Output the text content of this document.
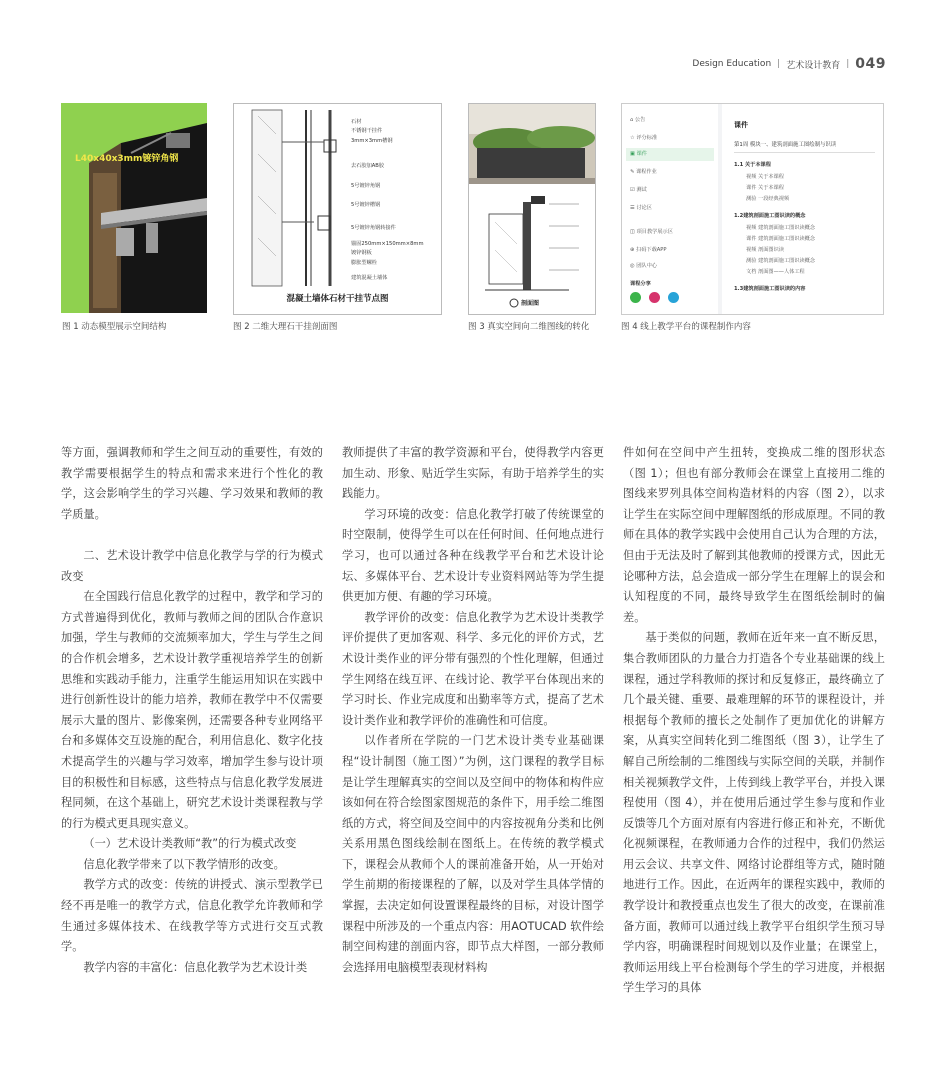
Design Education | 艺术设计教育 | 049
L40x40x3mm镀锌角钢
图 1 动态模型展示空间结构
石材
不锈钢干挂件
3mm×3mm槽钢
去石胶加AB胶
5号镀锌角钢
5号镀锌槽钢
5号镀锌角钢转接件
锚固250mm×150mm×8mm
镀锌钢板
膨胀型螺栓
建筑混凝土墙体
混凝土墙体石材干挂节点图
图 2 二维大理石干挂剖面图
剖面图
图 3 真实空间向二维图线的转化
⌂ 公告
☆ 评分标准
▣ 课件
✎ 课程作业
☑ 测试
☰ 讨论区
◫ 项目教学展示区
⊕ 扫码下载APP
◎ 团队中心
课程分享
课件
第1周 模块一、建筑剖面施工图绘制与识读
1.1 关于本课程
视频 关于本课程
课件 关于本课程
测验 一段经典视频
1.2建筑剖面施工图识读的概念
视频 建筑剖面施工图识读概念
课件 建筑剖面施工图识读概念
视频 剖面图识读
测验 建筑剖面施工图识读概念
文档 剖面图——人体工程
1.3建筑剖面施工图识读的内容
图 4 线上教学平台的课程制作内容

等方面，强调教师和学生之间互动的重要性，有效的教学需要根据学生的特点和需求来进行个性化的教学，这会影响学生的学习兴趣、学习效果和教师的教学质量。

二、艺术设计教学中信息化教学与学的行为模式改变

在全国践行信息化教学的过程中，教学和学习的方式普遍得到优化，教师与教师之间的团队合作意识加强，学生与教师的交流频率加大，学生与学生之间的合作机会增多，艺术设计教学重视培养学生的创新思维和实践动手能力，注重学生能运用知识在实践中进行创新性设计的能力培养，教师在教学中不仅需要展示大量的图片、影像案例，还需要各种专业网络平台和多媒体交互设施的配合，利用信息化、数字化技术提高学生的兴趣与学习效率，增加学生参与设计项目的积极性和目标感，这些特点与信息化教学发展进程同频，在这个基础上，研究艺术设计类课程教与学的行为模式更具现实意义。

（一）艺术设计类教师“教”的行为模式改变

信息化教学带来了以下教学情形的改变。

教学方式的改变：传统的讲授式、演示型教学已经不再是唯一的教学方式，信息化教学允许教师和学生通过多媒体技术、在线教学等方式进行交互式教学。

教学内容的丰富化：信息化教学为艺术设计类

教师提供了丰富的教学资源和平台，使得教学内容更加生动、形象、贴近学生实际，有助于培养学生的实践能力。

学习环境的改变：信息化教学打破了传统课堂的时空限制，使得学生可以在任何时间、任何地点进行学习，也可以通过各种在线教学平台和艺术设计论坛、多媒体平台、艺术设计专业资料网站等为学生提供更加方便、有趣的学习环境。

教学评价的改变：信息化教学为艺术设计类教学评价提供了更加客观、科学、多元化的评价方式，艺术设计类作业的评分带有强烈的个性化理解，但通过学生网络在线互评、在线讨论、教学平台体现出来的学习时长、作业完成度和出勤率等方式，提高了艺术设计类作业和教学评价的准确性和可信度。

以作者所在学院的一门艺术设计类专业基础课程“设计制图（施工图）”为例，这门课程的教学目标是让学生理解真实的空间以及空间中的物体和构件应该如何在符合绘图家图规范的条件下，用手绘二维图纸的方式，将空间及空间中的内容按视角分类和比例关系用黑色图线绘制在图纸上。在传统的教学模式下，课程会从教师个人的课前准备开始，从一开始对学生前期的衔接课程的了解，以及对学生具体学情的掌握，去决定如何设置课程最终的目标，对设计图学课程中所涉及的一个重点内容：用AOTUCAD 软件绘制空间构建的剖面内容，即节点大样图，一部分教师会选择用电脑模型表现材料构

件如何在空间中产生扭转，变换成二维的图形状态（图 1）；但也有部分教师会在课堂上直接用二维的图线来罗列具体空间构造材料的内容（图 2），以求让学生在实际空间中理解图纸的形成原理。不同的教师在具体的教学实践中会使用自己认为合理的方法，但由于无法及时了解到其他教师的授课方式，因此无论哪种方法，总会造成一部分学生在理解上的误会和认知程度的不同，最终导致学生在图纸绘制时的偏差。

基于类似的问题，教师在近年来一直不断反思，集合教师团队的力量合力打造各个专业基础课的线上课程，通过学科教师的探讨和反复修正，最终确立了几个最关键、重要、最难理解的环节的课程设计，并根据每个教师的擅长之处制作了更加优化的讲解方案，从真实空间转化到二维图纸（图 3），让学生了解自己所绘制的二维图线与实际空间的关联，并制作相关视频教学文件，上传到线上教学平台，并投入课程使用（图 4），并在使用后通过学生参与度和作业反馈等几个方面对原有内容进行修正和补充，不断优化视频课程，在教师通力合作的过程中，我们仍然运用云会议、共享文件、网络讨论群组等方式，随时随地进行工作。因此，在近两年的课程实践中，教师的教学设计和教授重点也发生了很大的改变，在课前准备方面，教师可以通过线上教学平台组织学生预习导学内容，明确课程时间规划以及作业量；在课堂上，教师运用线上平台检测每个学生的学习进度，并根据学生学习的具体
